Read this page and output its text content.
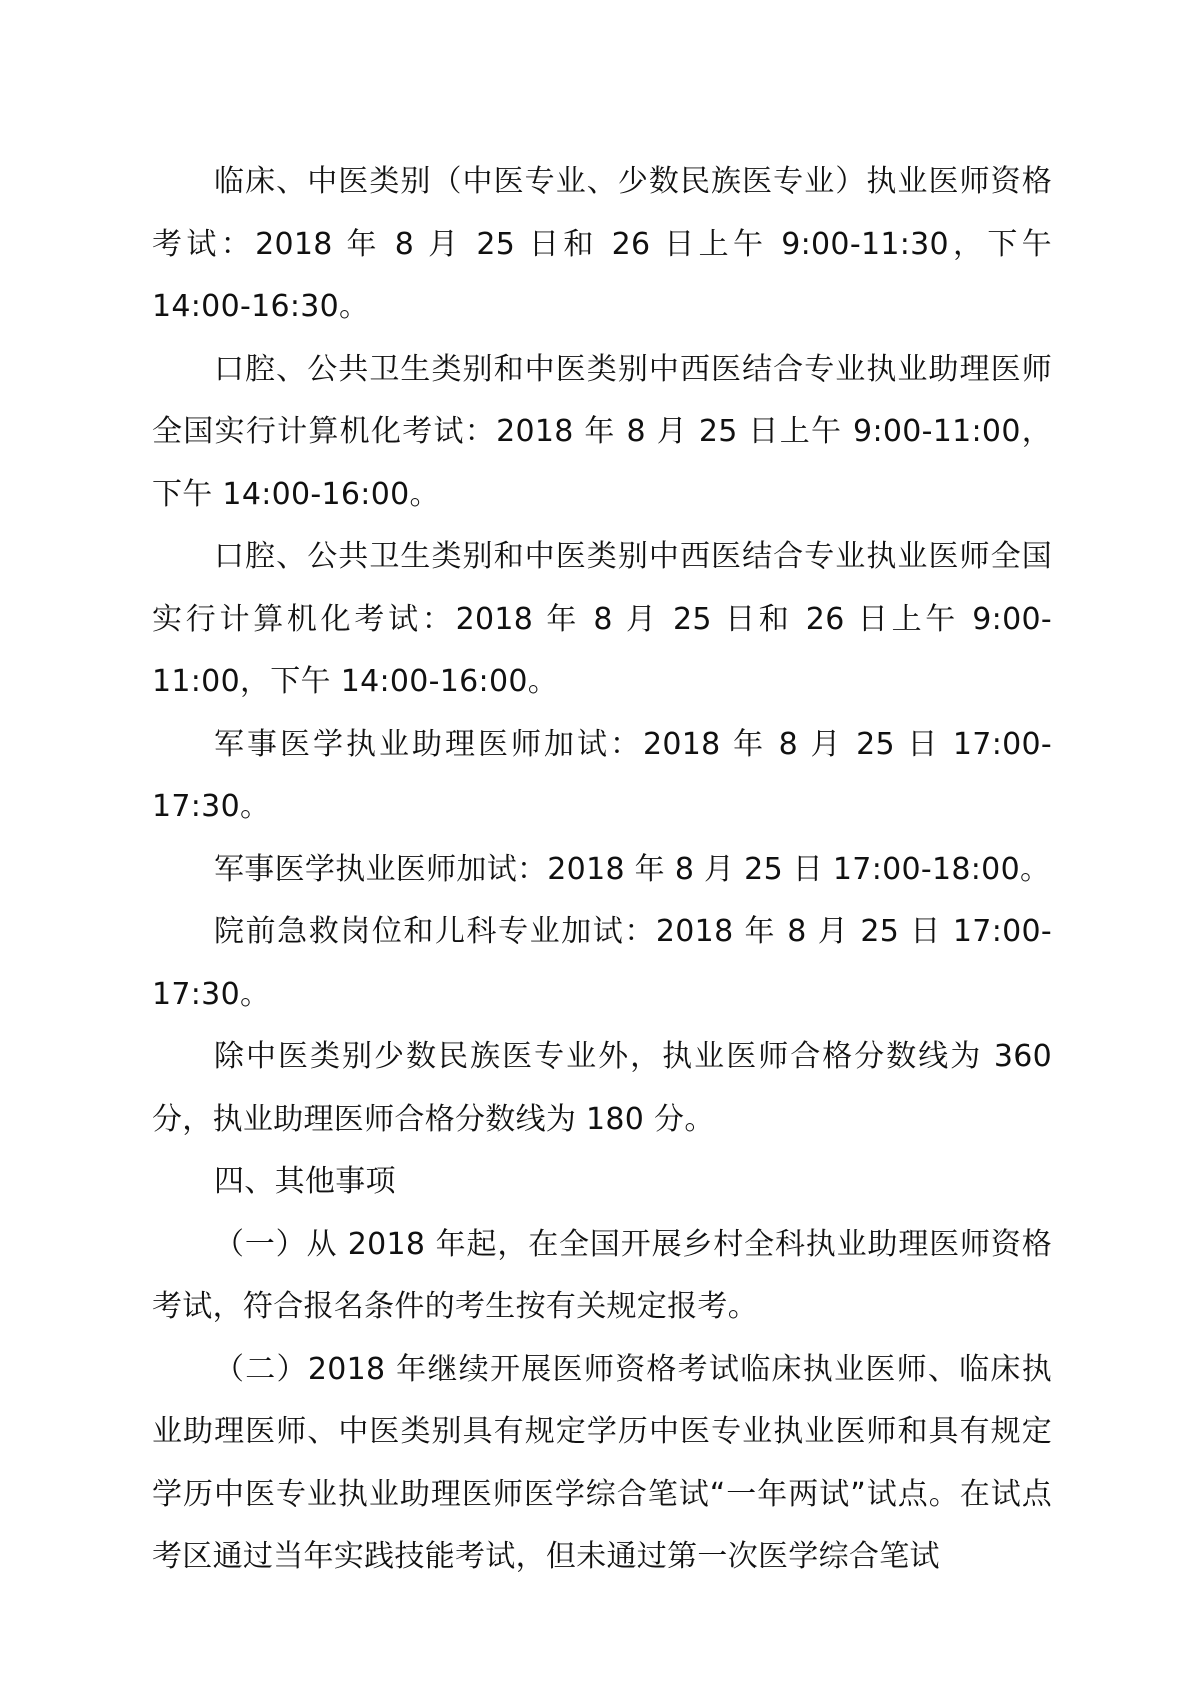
临床、中医类别（中医专业、少数民族医专业）执业医师资格考试：2018 年 8 月 25 日和 26 日上午 9:00-11:30，下午 14:00-16:30。

口腔、公共卫生类别和中医类别中西医结合专业执业助理医师全国实行计算机化考试：2018 年 8 月 25 日上午 9:00-11:00，下午 14:00-16:00。

口腔、公共卫生类别和中医类别中西医结合专业执业医师全国实行计算机化考试：2018 年 8 月 25 日和 26 日上午 9:00-11:00，下午 14:00-16:00。

军事医学执业助理医师加试：2018 年 8 月 25 日 17:00-17:30。

军事医学执业医师加试：2018 年 8 月 25 日 17:00-18:00。

院前急救岗位和儿科专业加试：2018 年 8 月 25 日 17:00-17:30。

除中医类别少数民族医专业外，执业医师合格分数线为 360 分，执业助理医师合格分数线为 180 分。

四、其他事项

（一）从 2018 年起，在全国开展乡村全科执业助理医师资格考试，符合报名条件的考生按有关规定报考。

（二）2018 年继续开展医师资格考试临床执业医师、临床执业助理医师、中医类别具有规定学历中医专业执业医师和具有规定学历中医专业执业助理医师医学综合笔试“一年两试”试点。在试点考区通过当年实践技能考试，但未通过第一次医学综合笔试
